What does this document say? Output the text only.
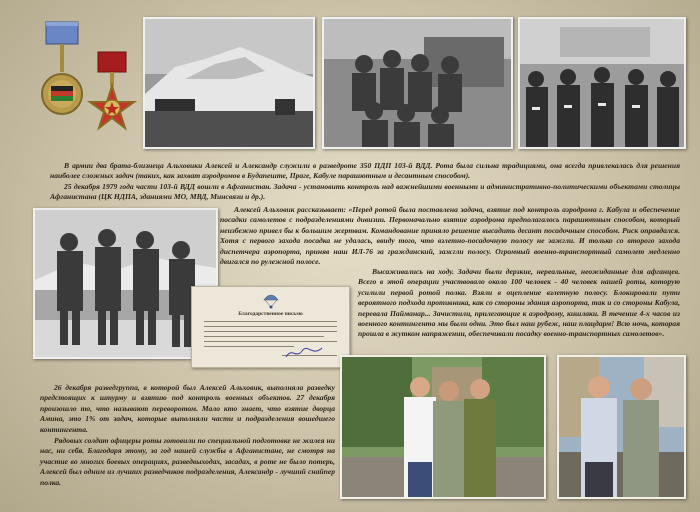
В армии два брата-близнеца Альховики Алексей и Александр служили в разведроте 350 ПДП 103-й ВДД. Рота была сильна традициями, она всегда привлекалась для решения наиболее сложных задач (таких, как захват аэродромов в Будапеште, Праге, Кабуле парашютным и десантным способом).

25 декабря 1979 года части 103-й ВДД вошли в Афганистан. Задача - установить контроль над важнейшими военными и административно-политическими объектами столицы Афганистана (ЦК НДПА, зданиями МО, МВД, Минсвязи и др.).

Алексей Альховик рассказывает: «Перед ротой была поставлена задача, взятие под контроль аэродрома г. Кабула и обеспечение посадки самолетов с подразделениями дивизии. Первоначально взятие аэродрома предполагалось парашютным способом, который неизбежно привел бы к большим жертвам. Командование приняло решение высадить десант посадочным способом. Риск оправдался. Хотя с первого захода посадка не удалась, ввиду того, что взлетно-посадочную полосу не зажгли. И только со второго захода диспетчера аэропорта, приняв наш ИЛ-76 за гражданский, зажгли полосу. Огромный военно-транспортный самолет медленно двигался по рулежной полосе.

Высаживались на ходу. Задачи были дерзкие, нереальные, неожиданные для афганцев. Всего в этой операции участвовало около 100 человек - 40 человек нашей роты, которую усилили первой ротой полка. Взяли в оцепление взлетную полосу. Блокировали пути вероятного подхода противника, как со стороны здания аэропорта, так и со стороны Кабула, перевала Пайманар... Зачистили, прилегающие к аэродрому, кишлаки. В течение 4-х часов из военного контингента мы были одни. Это был наш рубеж, наш плацдарм! Всю ночь, которая прошла в жутком напряжении, обеспечивали посадку военно-транспортных самолетов».

26 декабря разведгруппа, в которой был Алексей Альховик, выполняла разведку предстоящих к штурму и взятию под контроль военных объектов. 27 декабря произошло то, что называют переворотом. Мало кто знает, что взятие дворца Амина, это 1% от задач, которые выполняли части и подразделения вошедшего контингента.

Рядовых солдат офицеры роты готовили по специальной подготовке не жалея ни нас, ни себя. Благодаря этому, за год нашей службы в Афганистане, не смотря на участие во многих боевых операциях, разведвыходах, засадах, в роте не было потерь, Алексей был одним из лучших разведчиков подразделения, Александр - лучший снайпер полка.

Благодарственное письмо
